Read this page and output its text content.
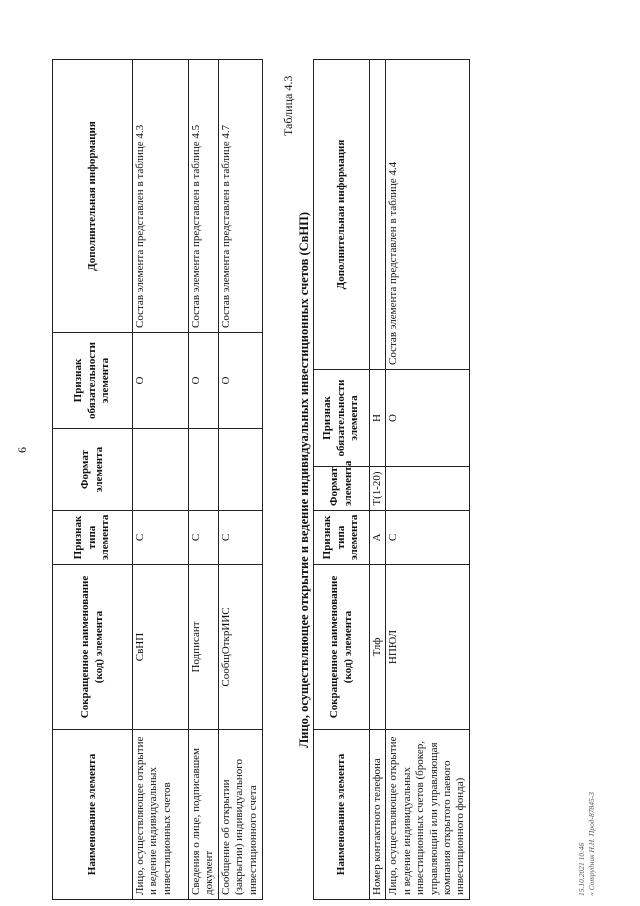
6
Наименование элемента	Сокращенное наименование (код) элемента	Признак типа элемента	Формат элемента	Признак обязательности элемента	Дополнительная информация
Лицо, осуществляющее открытие и ведение индивидуальных инвестиционных счетов	СвНП	С		О	Состав элемента представлен в таблице 4.3
Сведения о лице, подписавшем документ	Подписант	С		О	Состав элемента представлен в таблице 4.5
Сообщение об открытии (закрытии) индивидуального инвестиционного счета	СообщОткрИИС	С		О	Состав элемента представлен в таблице 4.7
Таблица 4.3
Лицо, осуществляющее открытие и ведение индивидуальных инвестиционных счетов (СвНП)
Наименование элемента	Сокращенное наименование (код) элемента	Признак типа элемента	Формат элемента	Признак обязательности элемента	Дополнительная информация
Номер контактного телефона	Тлф	А	T(1-20)	Н	
Лицо, осуществляющее открытие и ведение индивидуальных инвестиционных счетов (брокер, управляющий или управляющая компания открытого паевого инвестиционного фонда)	НПЮЛ	С		О	Состав элемента представлен в таблице 4.4
15.10.2021 10:46 « Сотрудник Н.Н. Прод-87845-3
